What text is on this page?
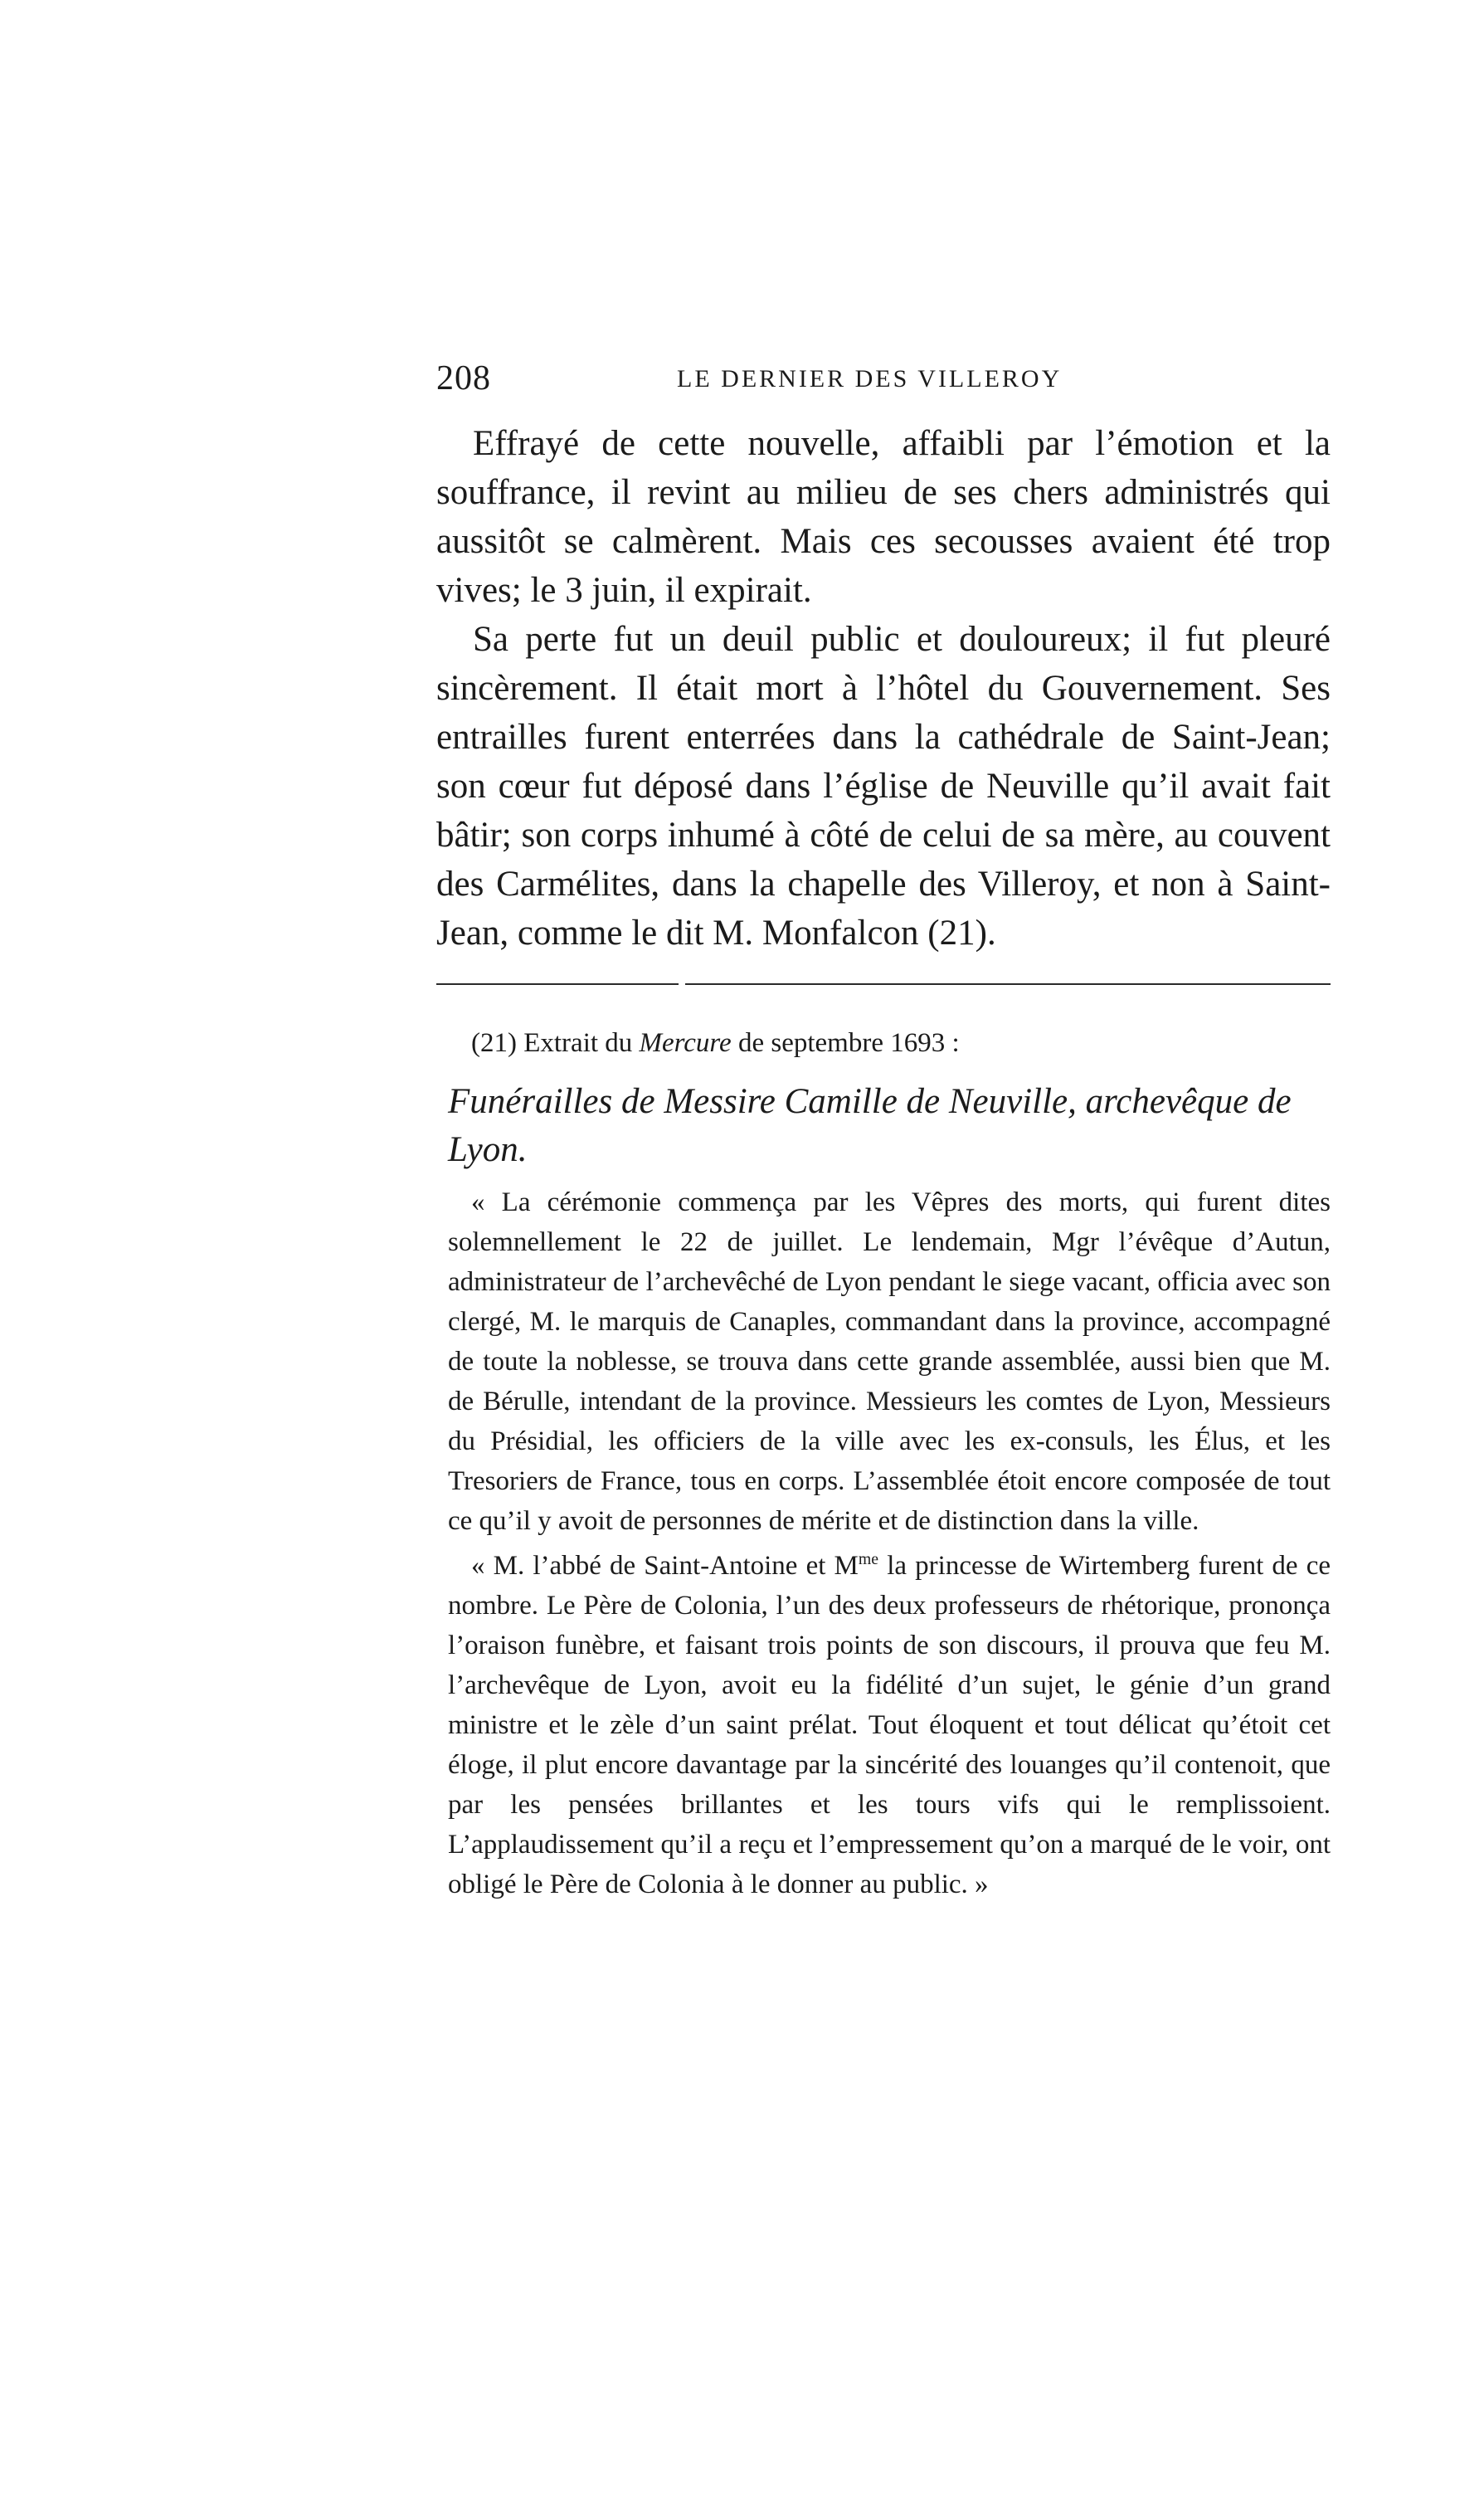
208	LE DERNIER DES VILLEROY

Effrayé de cette nouvelle, affaibli par l’émotion et la souffrance, il revint au milieu de ses chers administrés qui aussitôt se calmèrent. Mais ces secousses avaient été trop vives; le 3 juin, il expirait.

Sa perte fut un deuil public et douloureux; il fut pleuré sincèrement. Il était mort à l’hôtel du Gouvernement. Ses entrailles furent enterrées dans la cathédrale de Saint-Jean; son cœur fut déposé dans l’église de Neuville qu’il avait fait bâtir; son corps inhumé à côté de celui de sa mère, au couvent des Carmélites, dans la chapelle des Villeroy, et non à Saint-Jean, comme le dit M. Monfalcon (21).

(21) Extrait du Mercure de septembre 1693 :

Funérailles de Messire Camille de Neuville, archevêque de Lyon.

« La cérémonie commença par les Vêpres des morts, qui furent dites solemnellement le 22 de juillet. Le lendemain, Mgr l’évêque d’Autun, administrateur de l’archevêché de Lyon pendant le siege vacant, officia avec son clergé, M. le marquis de Canaples, commandant dans la province, accompagné de toute la noblesse, se trouva dans cette grande assemblée, aussi bien que M. de Bérulle, intendant de la province. Messieurs les comtes de Lyon, Messieurs du Présidial, les officiers de la ville avec les ex-consuls, les Élus, et les Tresoriers de France, tous en corps. L’assemblée étoit encore composée de tout ce qu’il y avoit de personnes de mérite et de distinction dans la ville.

« M. l’abbé de Saint-Antoine et $M^{me}$ la princesse de Wirtemberg furent de ce nombre. Le Père de Colonia, l’un des deux professeurs de rhétorique, prononça l’oraison funèbre, et faisant trois points de son discours, il prouva que feu M. l’archevêque de Lyon, avoit eu la fidélité d’un sujet, le génie d’un grand ministre et le zèle d’un saint prélat. Tout éloquent et tout délicat qu’étoit cet éloge, il plut encore davantage par la sincérité des louanges qu’il contenoit, que par les pensées brillantes et les tours vifs qui le remplissoient. L’applaudissement qu’il a reçu et l’empressement qu’on a marqué de le voir, ont obligé le Père de Colonia à le donner au public. »
